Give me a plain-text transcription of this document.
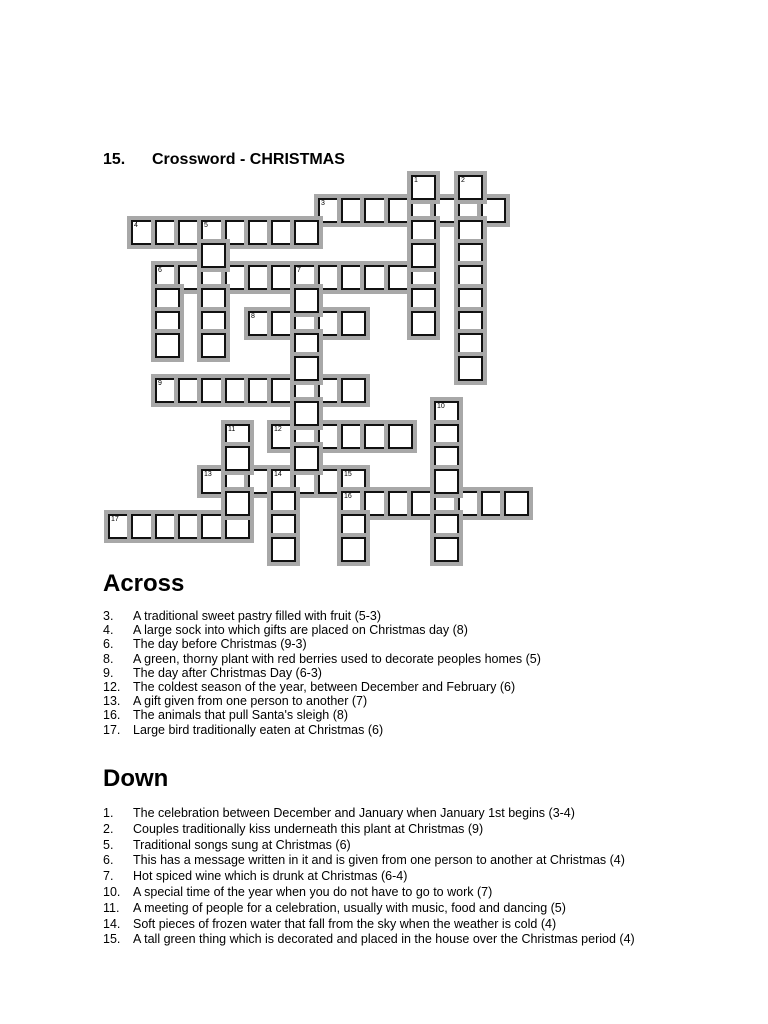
15. Crossword - CHRISTMAS
3
4	5
6	7
8
9
12
13	14	15
16
17
1	2
10
11
Across
3. A traditional sweet pastry filled with fruit (5-3)
4. A large sock into which gifts are placed on Christmas day (8)
6. The day before Christmas (9-3)
8. A green, thorny plant with red berries used to decorate peoples homes (5)
9. The day after Christmas Day (6-3)
12. The coldest season of the year, between December and February (6)
13. A gift given from one person to another (7)
16. The animals that pull Santa's sleigh (8)
17. Large bird traditionally eaten at Christmas (6)
Down
1. The celebration between December and January when January 1st begins (3-4)
2. Couples traditionally kiss underneath this plant at Christmas (9)
5. Traditional songs sung at Christmas (6)
6. This has a message written in it and is given from one person to another at Christmas (4)
7. Hot spiced wine which is drunk at Christmas (6-4)
10. A special time of the year when you do not have to go to work (7)
11. A meeting of people for a celebration, usually with music, food and dancing (5)
14. Soft pieces of frozen water that fall from the sky when the weather is cold (4)
15. A tall green thing which is decorated and placed in the house over the Christmas period (4)
